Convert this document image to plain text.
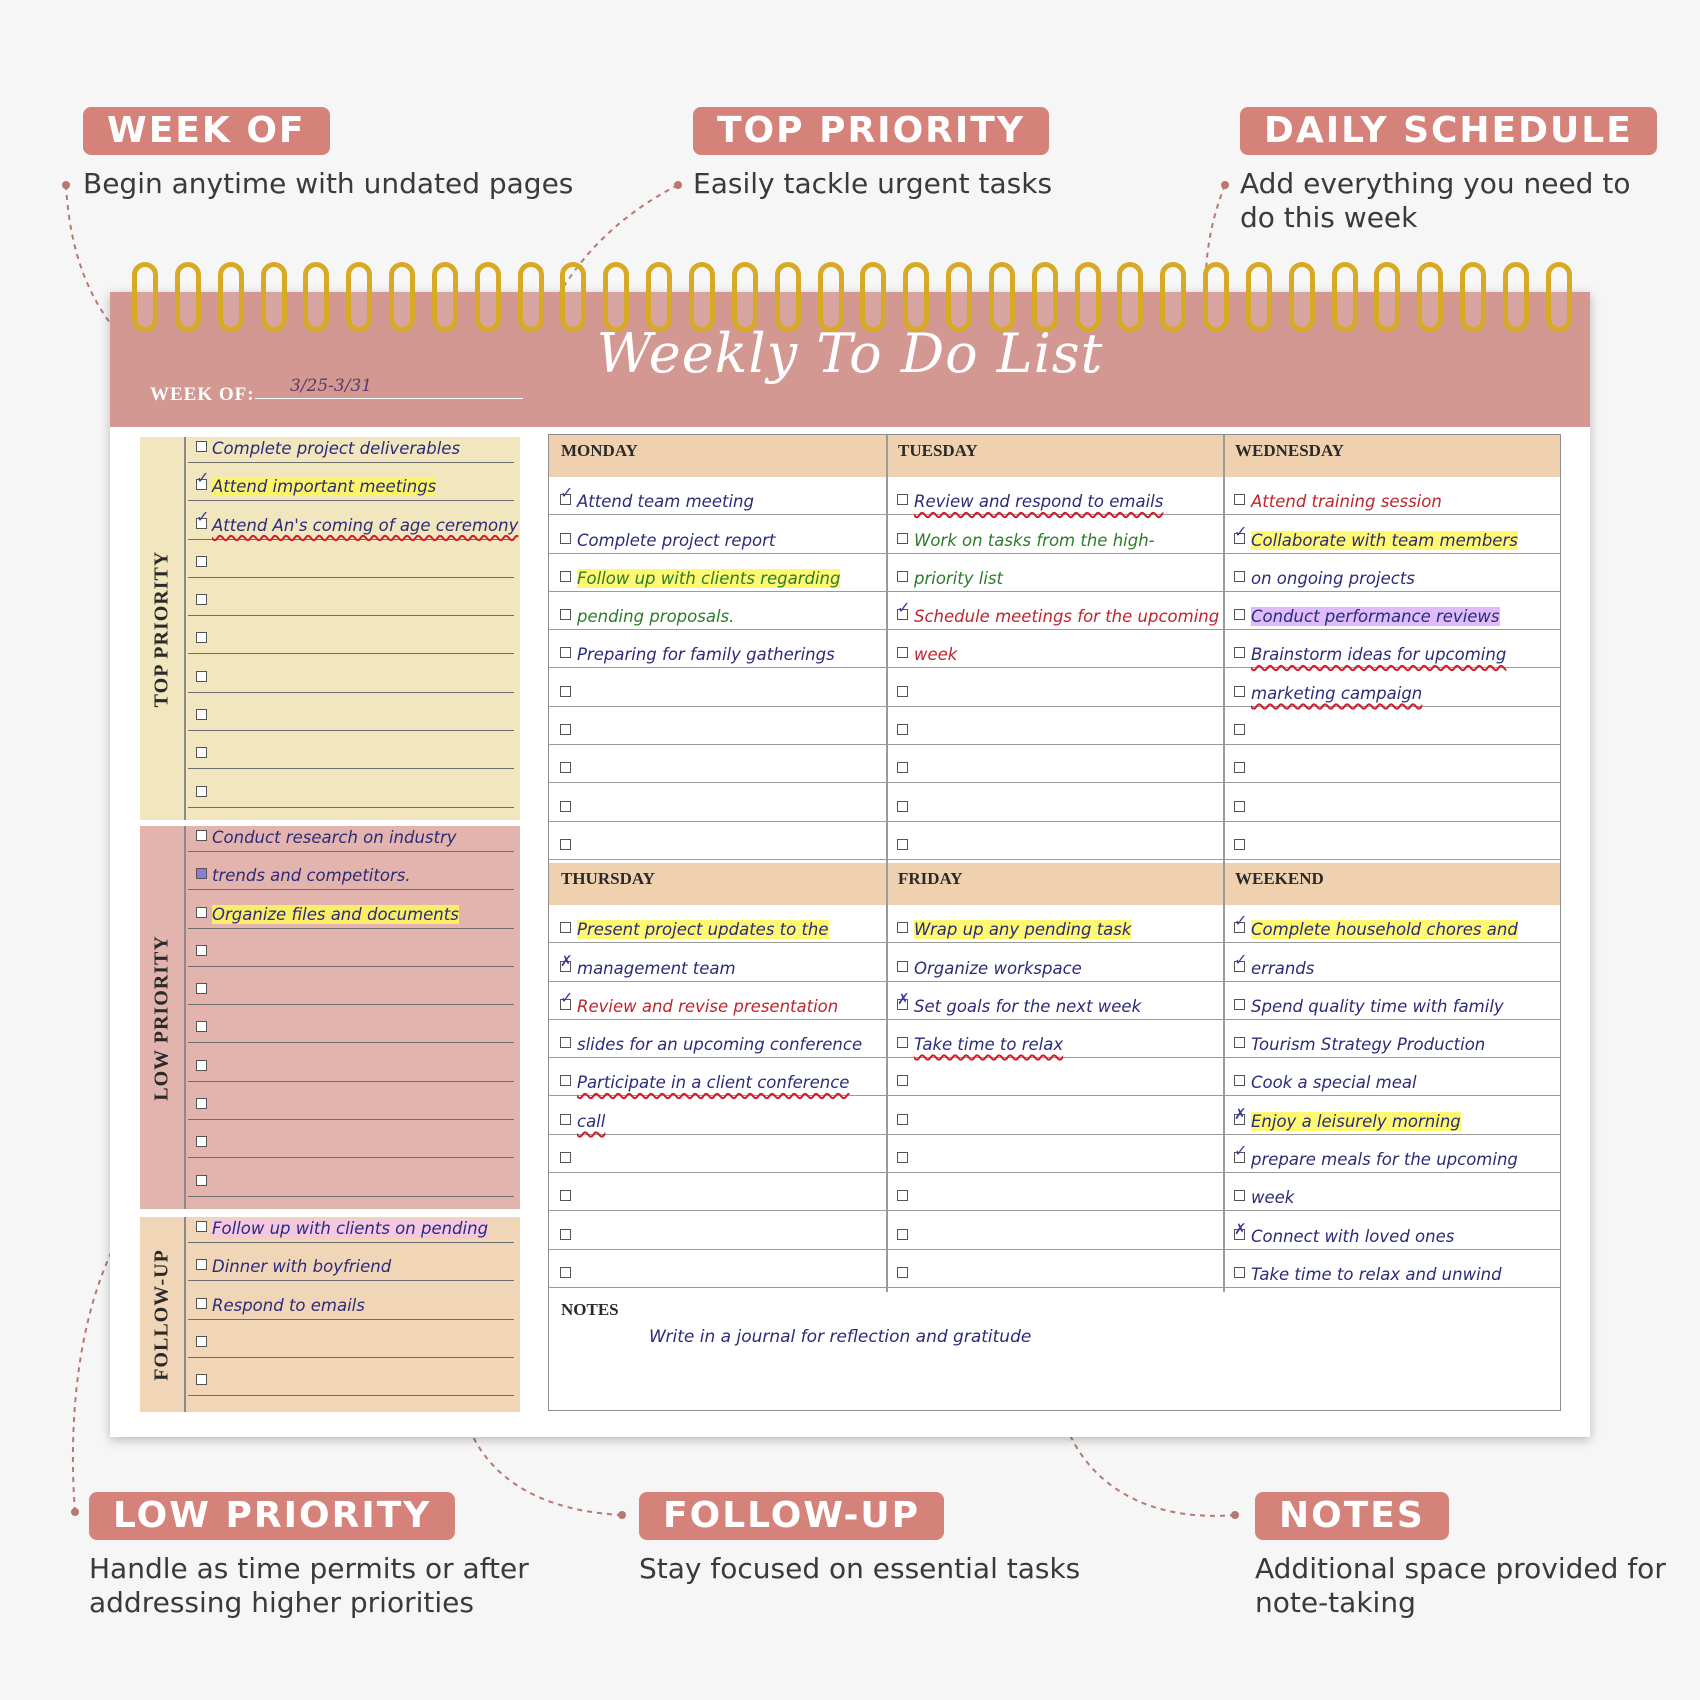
WEEK OF
Begin anytime with undated pages
TOP PRIORITY
Easily tackle urgent tasks
DAILY SCHEDULE
Add everything you need to do this week
LOW PRIORITY
Handle as time permits or after addressing higher priorities
FOLLOW-UP
Stay focused on essential tasks
NOTES
Additional space provided for note-taking
WEEK OF: 3/25-3/31
Weekly To Do List
TOP PRIORITY
Complete project deliverables
✓
Attend important meetings
✓
Attend An's coming of age ceremony
LOW PRIORITY
Conduct research on industry
trends and competitors.
Organize files and documents
FOLLOW-UP
Follow up with clients on pending
Dinner with boyfriend
Respond to emails	NOTES
Write in a journal for reflection and gratitude
MONDAY
✓
Attend team meeting
Complete project report
Follow up with clients regarding
pending proposals.
Preparing for family gatherings
TUESDAY
Review and respond to emails
Work on tasks from the high-
priority list
✓
Schedule meetings for the upcoming
week
WEDNESDAY
Attend training session
✓
Collaborate with team members
on ongoing projects
Conduct performance reviews
Brainstorm ideas for upcoming
marketing campaign
THURSDAY
Present project updates to the
✗
management team
✓
Review and revise presentation
slides for an upcoming conference
Participate in a client conference
call
FRIDAY
Wrap up any pending task
Organize workspace
✗
Set goals for the next week
Take time to relax
WEEKEND
✓
Complete household chores and
✓
errands
Spend quality time with family
Tourism Strategy Production
Cook a special meal
✗
Enjoy a leisurely morning
✓
prepare meals for the upcoming
week
✗
Connect with loved ones
Take time to relax and unwind
